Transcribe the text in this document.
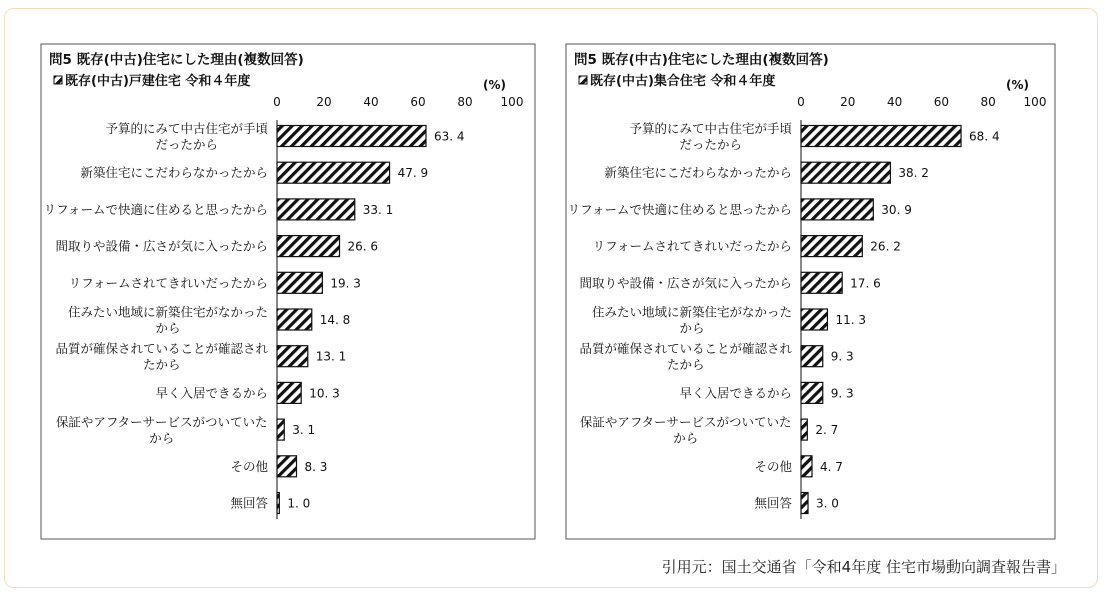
問5 既存(中古)住宅にした理由(複数回答)
既存(中古)戸建住宅 令和４年度	(%)
0	20	40	60	80 100
63. 4
予算的にみて中古住宅が手頃だったから
47. 9
新築住宅にこだわらなかったから
33. 1
リフォームで快適に住めると思ったから
26. 6
間取りや設備・広さが気に入ったから
19. 3
リフォームされてきれいだったから
14. 8
住みたい地域に新築住宅がなかったから
13. 1
品質が確保されていることが確認されたから
10. 3
早く入居できるから
3. 1
保証やアフターサービスがついていたから
8. 3
その他
1. 0
無回答
問5 既存(中古)住宅にした理由(複数回答)
既存(中古)集合住宅 令和４年度	(%)
0	20	40	60	80 100
68. 4
予算的にみて中古住宅が手頃だったから
38. 2
新築住宅にこだわらなかったから
30. 9
リフォームで快適に住めると思ったから
26. 2
リフォームされてきれいだったから
17. 6
間取りや設備・広さが気に入ったから
11. 3
住みたい地域に新築住宅がなかったから
9. 3
品質が確保されていることが確認されたから
9. 3
早く入居できるから
2. 7
保証やアフターサービスがついていたから
4. 7
その他
3. 0
無回答
引用元：国土交通省「令和4年度 住宅市場動向調査報告書」
